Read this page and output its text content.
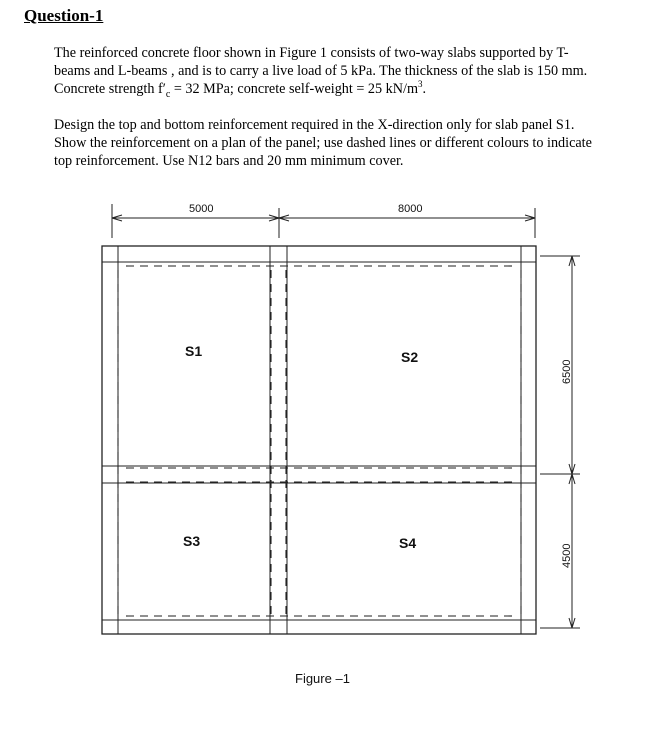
Question-1
The reinforced concrete floor shown in Figure 1 consists of two-way slabs supported by T-
beams and L-beams , and is to carry a live load of 5 kPa. The thickness of the slab is 150 mm.
Concrete strength $f'_c = 32$ MPa; concrete self-weight = 25 $kN/m^3$.
Design the top and bottom reinforcement required in the X-direction only for slab panel S1.
Show the reinforcement on a plan of the panel; use dashed lines or different colours to indicate
top reinforcement. Use N12 bars and 20 mm minimum cover.
5000	8000
6500
4500
S1	S2
S3	S4
Figure –1
